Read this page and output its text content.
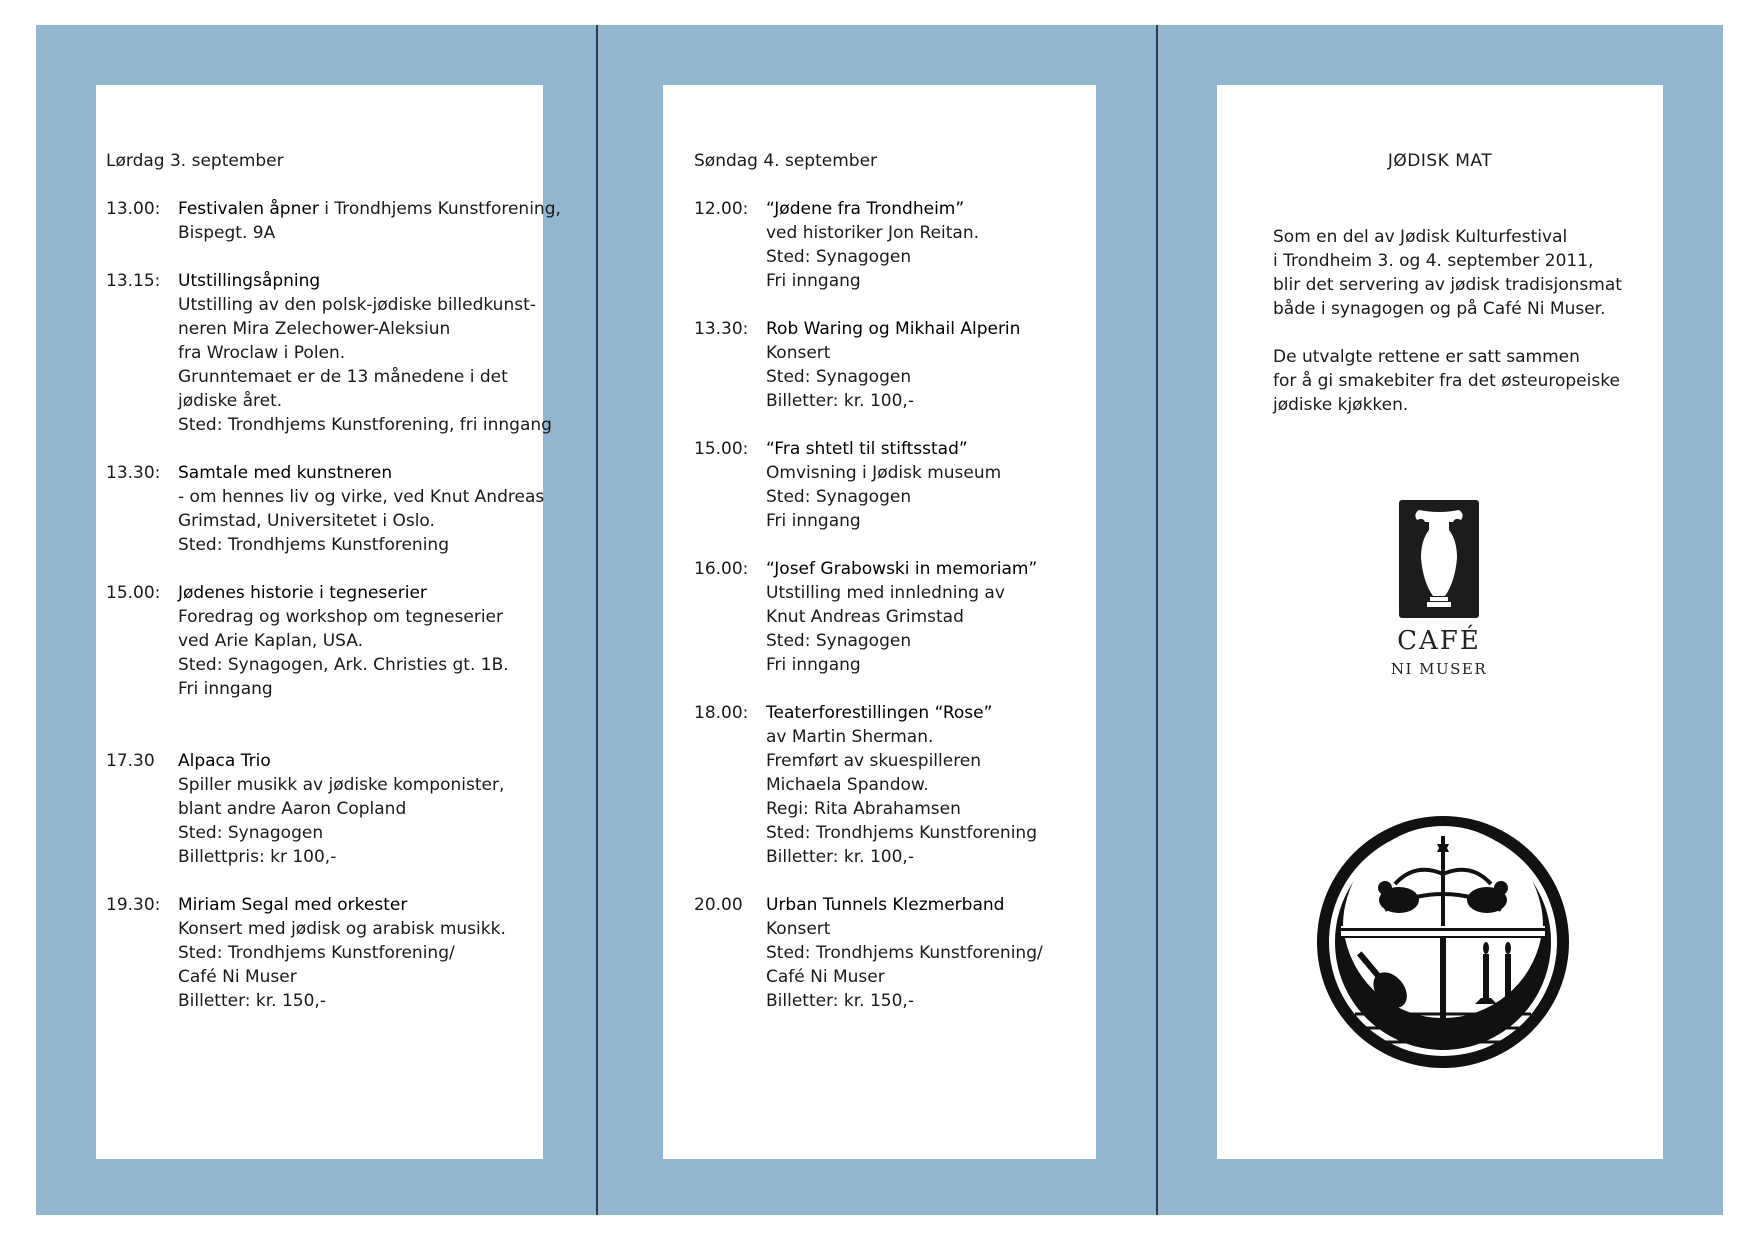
Lørdag 3. september
13.00:	Festivalen åpner i Trondhjems Kunstforening,
Bispegt. 9A
13.15:	Utstillingsåpning
Utstilling av den polsk-jødiske billedkunst-
neren Mira Zelechower-Aleksiun
fra Wroclaw i Polen.
Grunntemaet er de 13 månedene i det
jødiske året.
Sted: Trondhjems Kunstforening, fri inngang
13.30:	Samtale med kunstneren
- om hennes liv og virke, ved Knut Andreas
Grimstad, Universitetet i Oslo.
Sted: Trondhjems Kunstforening
15.00:	Jødenes historie i tegneserier
Foredrag og workshop om tegneserier
ved Arie Kaplan, USA.
Sted: Synagogen, Ark. Christies gt. 1B.
Fri inngang
17.30	Alpaca Trio
Spiller musikk av jødiske komponister,
blant andre Aaron Copland
Sted: Synagogen
Billettpris: kr 100,-
19.30:	Miriam Segal med orkester
Konsert med jødisk og arabisk musikk.
Sted: Trondhjems Kunstforening/
Café Ni Muser
Billetter: kr. 150,-
Søndag 4. september
12.00:	“Jødene fra Trondheim”
ved historiker Jon Reitan.
Sted: Synagogen
Fri inngang
13.30:	Rob Waring og Mikhail Alperin
Konsert
Sted: Synagogen
Billetter: kr. 100,-
15.00:	“Fra shtetl til stiftsstad”
Omvisning i Jødisk museum
Sted: Synagogen
Fri inngang
16.00:	“Josef Grabowski in memoriam”
Utstilling med innledning av
Knut Andreas Grimstad
Sted: Synagogen
Fri inngang
18.00:	Teaterforestillingen “Rose”
av Martin Sherman.
Fremført av skuespilleren
Michaela Spandow.
Regi: Rita Abrahamsen
Sted: Trondhjems Kunstforening
Billetter: kr. 100,-
20.00	Urban Tunnels Klezmerband
Konsert
Sted: Trondhjems Kunstforening/
Café Ni Muser
Billetter: kr. 150,-
JØDISK MAT
Som en del av Jødisk Kulturfestival
i Trondheim 3. og 4. september 2011,
blir det servering av jødisk tradisjonsmat
både i synagogen og på Café Ni Muser.
De utvalgte rettene er satt sammen
for å gi smakebiter fra det østeuropeiske
jødiske kjøkken.
CAFÉ
NI MUSER
